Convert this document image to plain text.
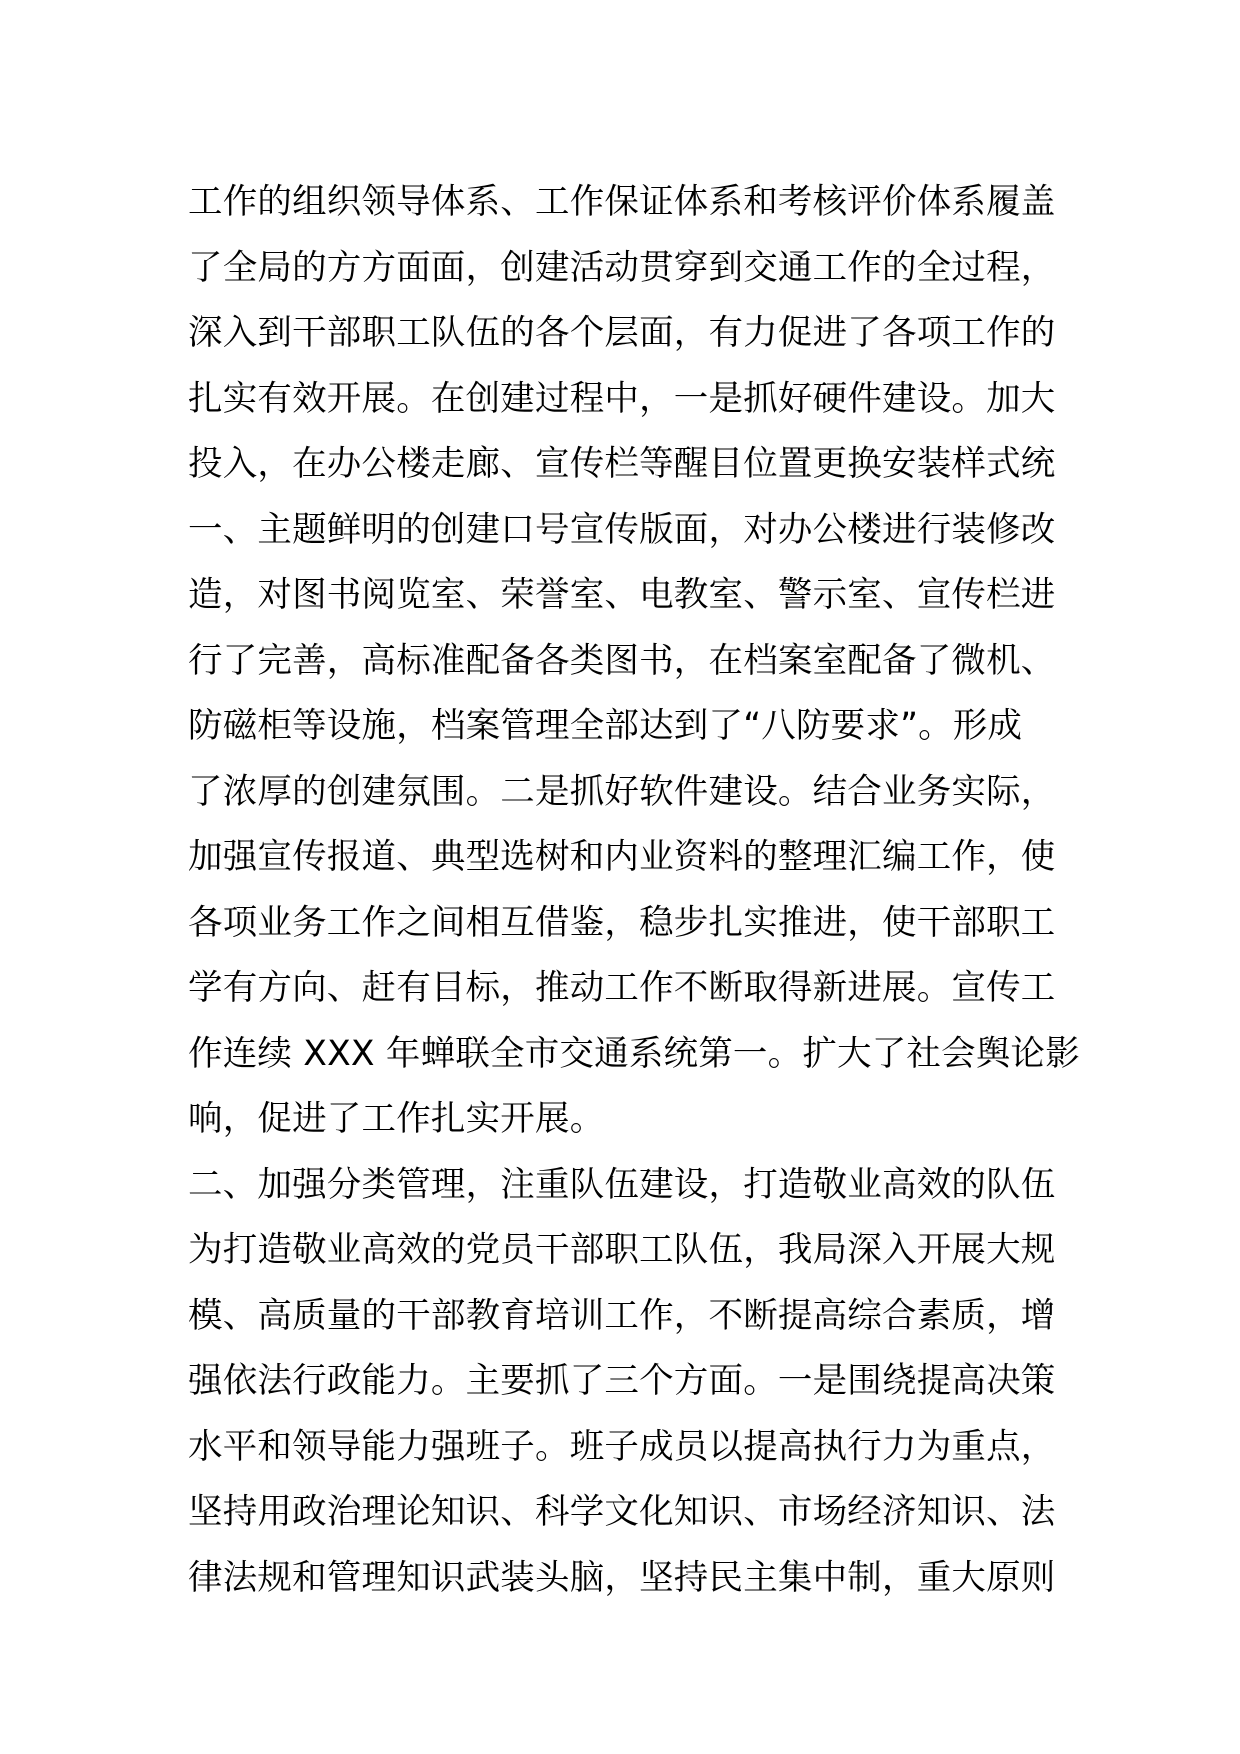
工作的组织领导体系、工作保证体系和考核评价体系履盖
了全局的方方面面，创建活动贯穿到交通工作的全过程，
深入到干部职工队伍的各个层面，有力促进了各项工作的
扎实有效开展。在创建过程中，一是抓好硬件建设。加大
投入，在办公楼走廊、宣传栏等醒目位置更换安装样式统
一、主题鲜明的创建口号宣传版面，对办公楼进行装修改
造，对图书阅览室、荣誉室、电教室、警示室、宣传栏进
行了完善，高标准配备各类图书，在档案室配备了微机、
防磁柜等设施，档案管理全部达到了“八防要求”。形成
了浓厚的创建氛围。二是抓好软件建设。结合业务实际，
加强宣传报道、典型选树和内业资料的整理汇编工作，使
各项业务工作之间相互借鉴，稳步扎实推进，使干部职工
学有方向、赶有目标，推动工作不断取得新进展。宣传工
作连续 XXX 年蝉联全市交通系统第一。扩大了社会舆论影
响，促进了工作扎实开展。
二、加强分类管理，注重队伍建设，打造敬业高效的队伍
为打造敬业高效的党员干部职工队伍，我局深入开展大规
模、高质量的干部教育培训工作，不断提高综合素质，增
强依法行政能力。主要抓了三个方面。一是围绕提高决策
水平和领导能力强班子。班子成员以提高执行力为重点，
坚持用政治理论知识、科学文化知识、市场经济知识、法
律法规和管理知识武装头脑，坚持民主集中制，重大原则
